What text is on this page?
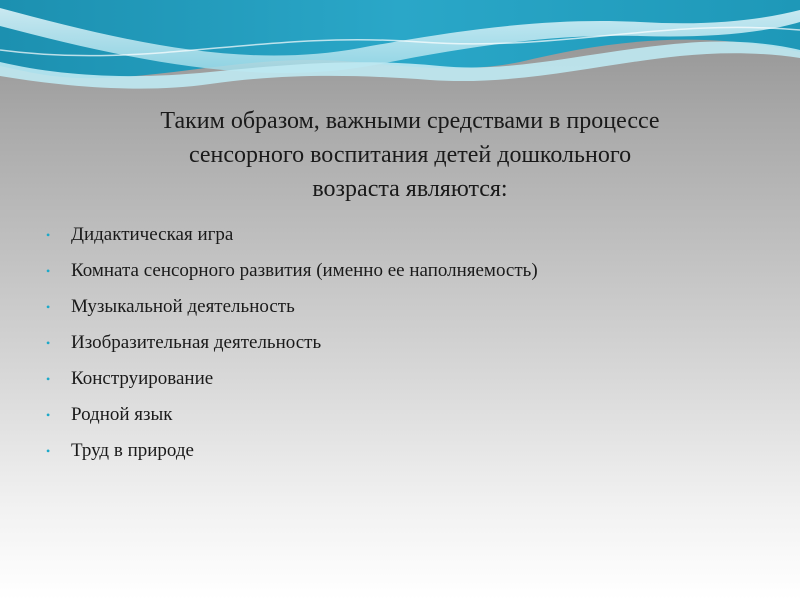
Таким образом, важными средствами в процессе
сенсорного воспитания детей дошкольного
возраста являются:
• Дидактическая игра
• Комната сенсорного развития (именно ее наполняемость)
• Музыкальной деятельность
• Изобразительная деятельность
• Конструирование
• Родной язык
• Труд в природе
